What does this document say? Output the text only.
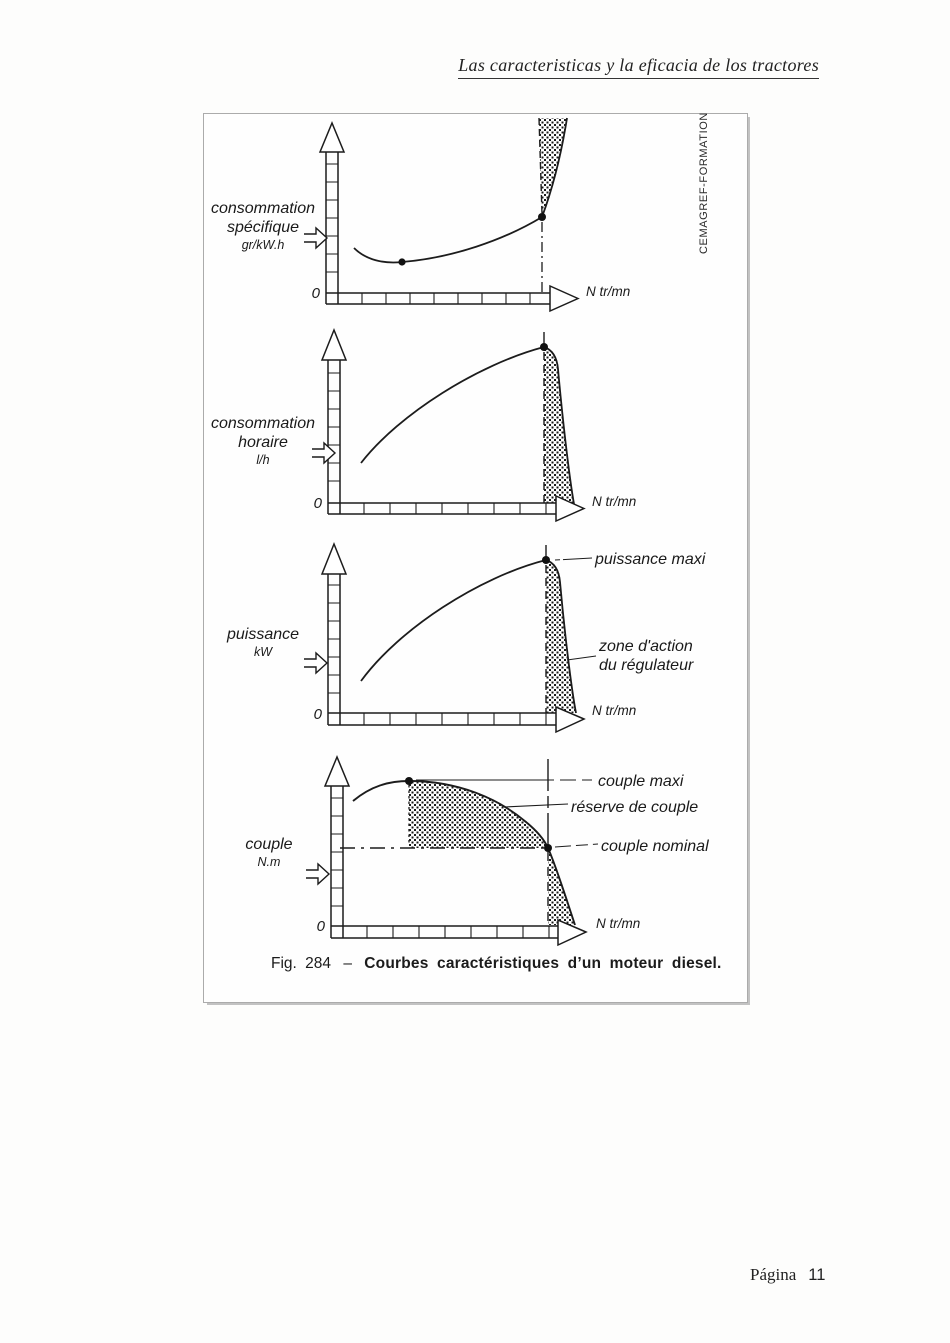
Las caracteristicas y la eficacia de los tractores
consommation
spécifique
gr/kW.h
0	N tr/mn
consommation
horaire
l/h
0	N tr/mn
puissance
kW
0	N tr/mn
puissance maxi
zone d'action
du régulateur
couple
N.m
0	N tr/mn
couple maxi
réserve de couple
couple nominal
CEMAGREF-FORMATION
Fig. 284 – Courbes caractéristiques d’un moteur diesel.
Página 11
